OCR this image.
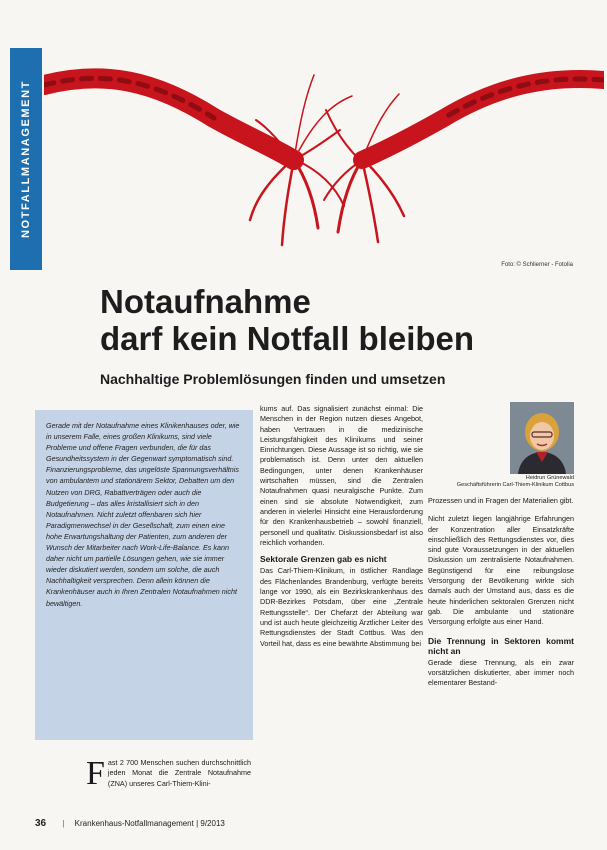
NOTFALLMANAGEMENT
Foto: © Schlierner - Fotolia
Notaufnahme
darf kein Notfall bleiben
Nachhaltige Problemlösungen finden und umsetzen
Gerade mit der Notaufnahme eines Klinikenhauses oder, wie in unserem Falle, eines großen Klinikums, sind viele Probleme und offene Fragen verbunden, die für das Gesundheitssystem in der Gegenwart symptomatisch sind. Finanzierungsprobleme, das ungelöste Spannungsverhältnis von ambulantem und stationärem Sektor, Debatten um den Nutzen von DRG, Rabattverträgen oder auch die Budgetierung – das alles kristallisiert sich in den Notaufnahmen. Nicht zuletzt offenbaren sich hier Paradigmenwechsel in der Gesellschaft, zum einen eine hohe Erwartungshaltung der Patienten, zum anderen der Wunsch der Mitarbeiter nach Work-Life-Balance. Es kann daher nicht um partielle Lösungen gehen, wie sie immer wieder diskutiert werden, sondern um solche, die auch Nachhaltigkeit versprechen. Denn allein können die Krankenhäuser auch in Ihren Zentralen Notaufnahmen nicht bewältigen.
F ast 2 700 Menschen suchen durchschnittlich jeden Monat die Zentrale Notaufnahme (ZNA) unseres Carl-Thiem-Klini-

kums auf. Das signalisiert zunächst einmal: Die Menschen in der Region nutzen dieses Angebot, haben Vertrauen in die medizinische Leistungsfähigkeit des Klinikums und seiner Einrichtungen. Diese Aussage ist so richtig, wie sie problematisch ist. Denn unter den aktuellen Bedingungen, unter denen Krankenhäuser wirtschaften müssen, sind die Zentralen Notaufnahmen quasi neuralgische Punkte. Zum einen sind sie absolute Notwendigkeit, zum anderen in vielerlei Hinsicht eine Herausforderung für den Krankenhausbetrieb – sowohl finanziell, personell und qualitativ. Diskussionsbedarf ist also reichlich vorhanden.

Sektorale Grenzen gab es nicht

Das Carl-Thiem-Klinikum, in östlicher Randlage des Flächenlandes Brandenburg, verfügte bereits lange vor 1990, als ein Bezirkskrankenhaus des DDR-Bezirkes Potsdam, über eine „Zentrale Rettungsstelle“. Der Chefarzt der Abteilung war und ist auch heute gleichzeitig Ärztlicher Leiter des Rettungsdienstes der Stadt Cottbus. Was den Vorteil hat, dass es eine bewährte Abstimmung bei

Heidrun Grünewald
Geschäftsführerin Carl-Thiem-Klinikum Cottbus

Prozessen und in Fragen der Materialien gibt.

Nicht zuletzt liegen langjährige Erfahrungen der Konzentration aller Einsatzkräfte einschließlich des Rettungsdienstes vor, dies sind gute Voraussetzungen in der aktuellen Diskussion um zentralisierte Notaufnahmen. Begünstigend für eine reibungslose Versorgung der Bevölkerung wirkte sich damals auch der Umstand aus, dass es die heute hinderlichen sektoralen Grenzen nicht gab. Die ambulante und stationäre Versorgung erfolgte aus einer Hand.

Die Trennung in Sektoren kommt nicht an

Gerade diese Trennung, als ein zwar vorsätzlichen diskutierter, aber immer noch elementarer Bestand-

36 | Krankenhaus-Notfallmanagement | 9/2013
